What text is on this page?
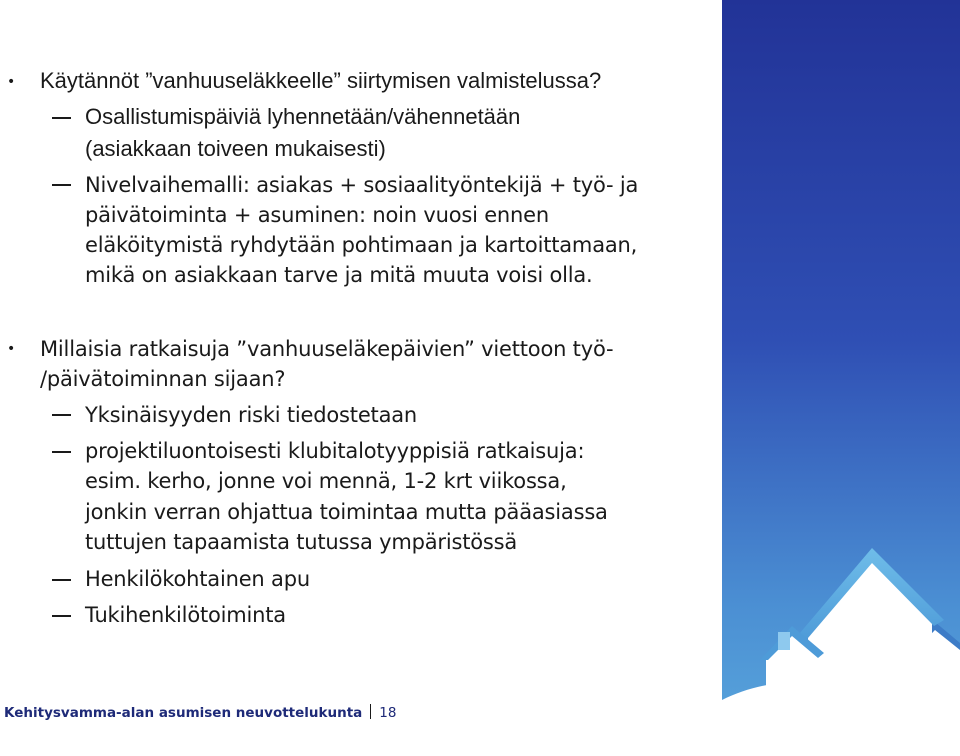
• Käytännöt ”vanhuuseläkkeelle” siirtymisen valmistelussa?
Osallistumispäiviä lyhennetään/vähennetään
(asiakkaan toiveen mukaisesti)
Nivelvaihemalli: asiakas + sosiaalityöntekijä + työ- ja
päivätoiminta + asuminen: noin vuosi ennen
eläköitymistä ryhdytään pohtimaan ja kartoittamaan,
mikä on asiakkaan tarve ja mitä muuta voisi olla.
• Millaisia ratkaisuja ”vanhuuseläkepäivien” viettoon työ-
/päivätoiminnan sijaan?
Yksinäisyyden riski tiedostetaan
projektiluontoisesti klubitalotyyppisiä ratkaisuja:
esim. kerho, jonne voi mennä, 1-2 krt viikossa,
jonkin verran ohjattua toimintaa mutta pääasiassa
tuttujen tapaamista tutussa ympäristössä
Henkilökohtainen apu
Tukihenkilötoiminta
Kehitysvamma-alan asumisen neuvottelukunta 18
